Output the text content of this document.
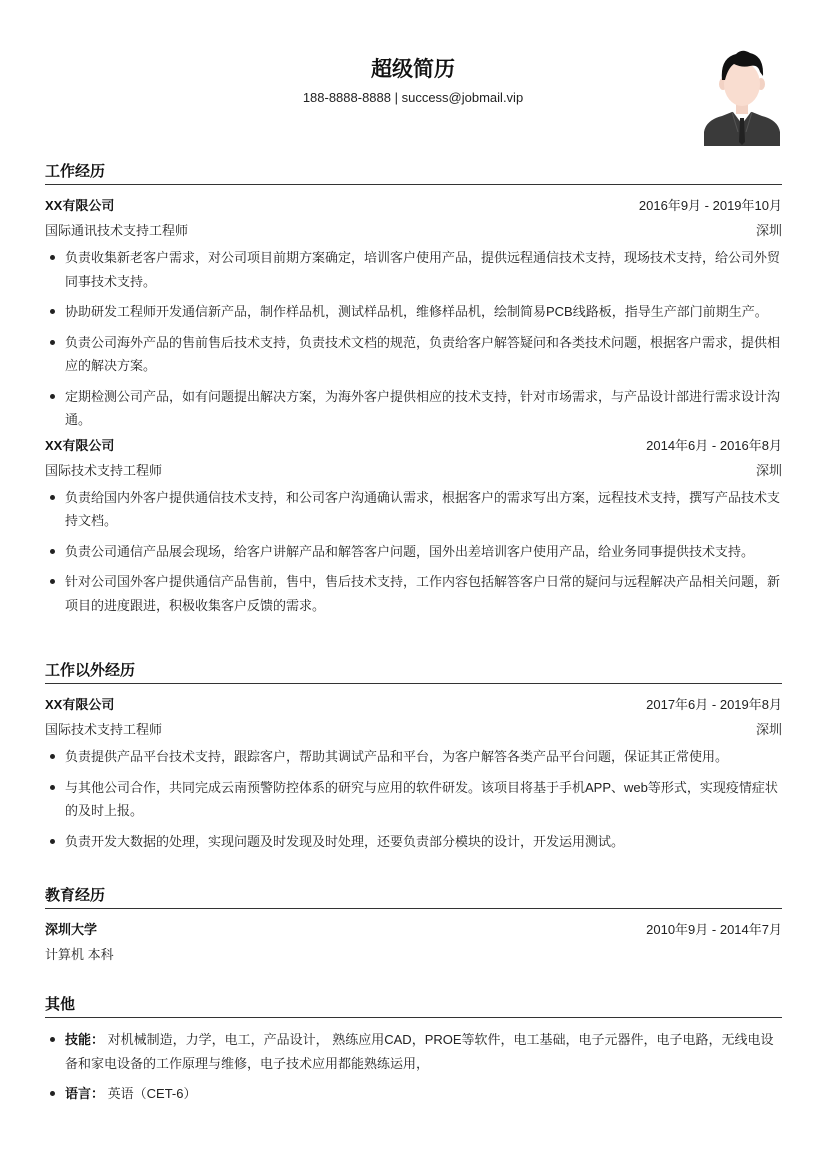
超级简历
188-8888-8888 | success@jobmail.vip
工作经历
XX有限公司	2016年9月 - 2019年10月
国际通讯技术支持工程师	深圳
负责收集新老客户需求，对公司项目前期方案确定，培训客户使用产品，提供远程通信技术支持，现场技术支持，给公司外贸同事技术支持。
协助研发工程师开发通信新产品，制作样品机，测试样品机，维修样品机，绘制简易PCB线路板，指导生产部门前期生产。
负责公司海外产品的售前售后技术支持，负责技术文档的规范，负责给客户解答疑问和各类技术问题，根据客户需求，提供相应的解决方案。
定期检测公司产品，如有问题提出解决方案，为海外客户提供相应的技术支持，针对市场需求，与产品设计部进行需求设计沟通。
XX有限公司	2014年6月 - 2016年8月
国际技术支持工程师	深圳
负责给国内外客户提供通信技术支持，和公司客户沟通确认需求，根据客户的需求写出方案，远程技术支持，撰写产品技术支持文档。
负责公司通信产品展会现场，给客户讲解产品和解答客户问题，国外出差培训客户使用产品，给业务同事提供技术支持。
针对公司国外客户提供通信产品售前，售中，售后技术支持，工作内容包括解答客户日常的疑问与远程解决产品相关问题，新项目的进度跟进，积极收集客户反馈的需求。
工作以外经历
XX有限公司	2017年6月 - 2019年8月
国际技术支持工程师	深圳
负责提供产品平台技术支持，跟踪客户，帮助其调试产品和平台，为客户解答各类产品平台问题，保证其正常使用。
与其他公司合作，共同完成云南预警防控体系的研究与应用的软件研发。该项目将基于手机APP、web等形式，实现疫情症状的及时上报。
负责开发大数据的处理，实现问题及时发现及时处理，还要负责部分模块的设计，开发运用测试。
教育经历
深圳大学	2010年9月 - 2014年7月
计算机 本科
其他
技能： 对机械制造，力学，电工，产品设计， 熟练应用CAD，PROE等软件，电工基础，电子元器件，电子电路，无线电设备和家电设备的工作原理与维修，电子技术应用都能熟练运用，
语言： 英语（CET-6）
